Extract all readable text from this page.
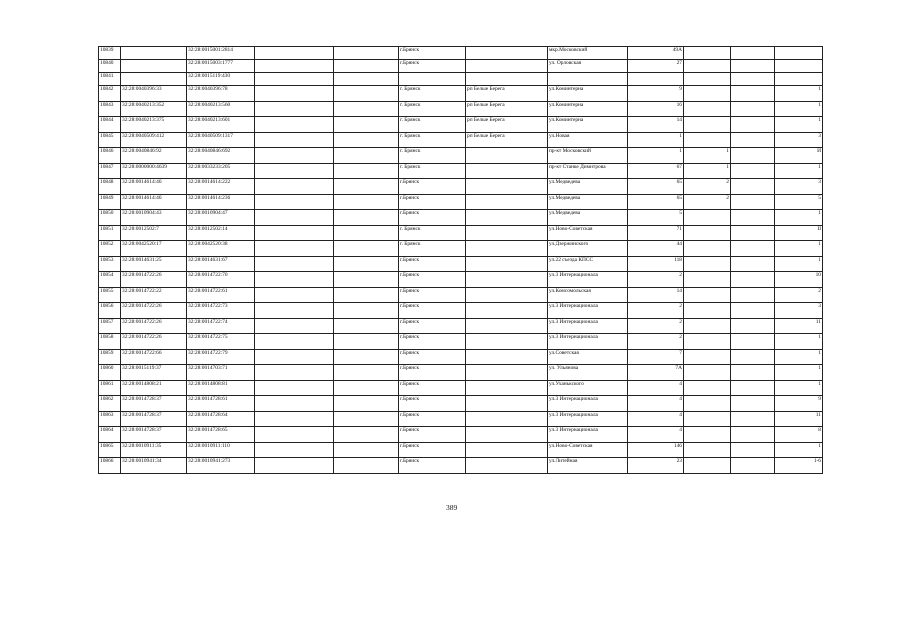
10839		32:28:0015001:2814			г.Брянск		мкр.Московский	49А			
10840		32:28:0015003:1777			г.Брянск		ул. Орловская	27			
10841		32:28:0015119:430									
10842	32:28:0040396:33	32:28:0040396:78			г. Брянск	рп Белые Берега	ул.Коминтерна	9			1
10843	32:28:0040213:352	32:28:0040213:560			г. Брянск	рп Белые Берега	ул.Коминтерна	16			1
10844	32:28:0040213:375	32:28:0040213:601			г. Брянск	рп Белые Берега	ул.Коминтерна	14			1
10845	32:28:0040509:412	32:28:0040509:1317			г. Брянск	рп Белые Берега	ул.Новая	1			3
10846	32:28:0040846:92	32:28:0040846:692			г. Брянск		пр-кт Московский	1	1		И
10847	32:28:0000000:4639	32:28:0033233:205			г. Брянск		пр-кт Станке Димитрова	67	1		1
10848	32:28:0014614:46	32:28:0014614:222			г.Брянск		ул.Медведева	65	2		3
10849	32:28:0014614:46	32:28:0014614:236			г.Брянск		ул.Медведева	65	2		5
10850	32:28:0010904:43	32:28:0010904:47			г.Брянск		ул.Медведева	5			1
10851	32:28:0012502:7	32:28:0012502:14			г. Брянск		ул.Ново-Советская	71			II
10852	32:28:0042520:17	32:28:0042520:38			г. Брянск		ул.Дзержинского	44			1
10853	32:28:0014631:25	32:28:0014631:67			г.Брянск		ул.22 съезда КПСС	118			1
10854	32:28:0014722:26	32:28:0014722:70			г.Брянск		ул.3 Интернационала	2			10
10855	32:28:0014722:22	32:28:0014722:61			г.Брянск		ул.Комсомольская	14			2
10856	32:28:0014722:26	32:28:0014722:73			г.Брянск		ул.3 Интернационала	2			3
10857	32:28:0014722:26	32:28:0014722:74			г.Брянск		ул.3 Интернационала	2			11
10858	32:28:0014722:26	32:28:0014722:75			г.Брянск		ул.3 Интернационала	2			1
10859	32:28:0014722:66	32:28:0014722:79			г.Брянск		ул.Советская	7			1
10860	32:28:0015119:37	32:28:0014703:71			г.Брянск		ул. Ульянова	7А			1
10861	32:28:0014808:21	32:28:0014808:81			г.Брянск		ул.Уханькского	4			1
10862	32:28:0014728:37	32:28:0014728:61			г.Брянск		ул.3 Интернационала	4			9
10863	32:28:0014728:37	32:28:0014728:64			г.Брянск		ул.3 Интернационала	4			11
10864	32:28:0014728:37	32:28:0014728:65			г.Брянск		ул.3 Интернационала	4			8
10865	32:28:0010911:35	32:28:0010911:110			г.Брянск		ул.Ново-Советская	146			1
10866	32:28:0010941:34	32:28:0010941:273			г.Брянск		ул.Литейная	23			1-6
389
